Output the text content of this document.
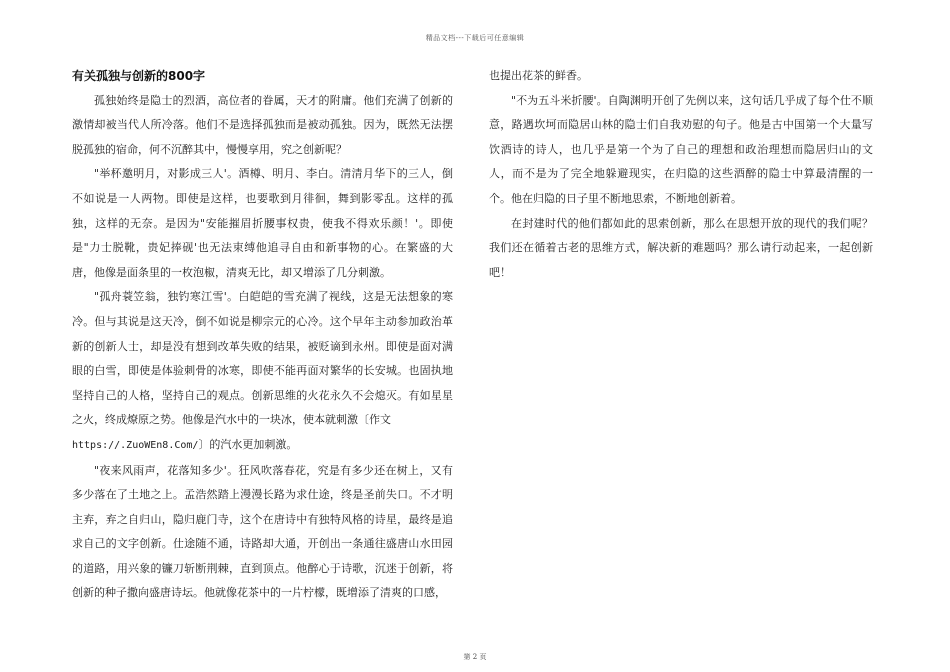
精品文档---下载后可任意编辑

有关孤独与创新的800字

孤独始终是隐士的烈酒，高位者的眷属，天才的附庸。他们充满了创新的激情却被当代人所冷落。他们不是选择孤独而是被动孤独。因为，既然无法摆脱孤独的宿命，何不沉醉其中，慢慢享用，究之创新呢？

"举杯邀明月，对影成三人'。酒樽、明月、李白。清清月华下的三人，倒不如说是一人两物。即使是这样，也要歌到月徘徊，舞到影零乱。这样的孤独，这样的无奈。是因为"安能摧眉折腰事权贵，使我不得欢乐颜！'。即使是"力士脱靴，贵妃捧砚'也无法束缚他追寻自由和新事物的心。在繁盛的大唐，他像是面条里的一枚泡椒，清爽无比，却又增添了几分刺激。

"孤舟蓑笠翁，独钓寒江雪'。白皑皑的雪充满了视线，这是无法想象的寒冷。但与其说是这天冷，倒不如说是柳宗元的心冷。这个早年主动参加政治革新的创新人士，却是没有想到改革失败的结果，被贬谪到永州。即使是面对满眼的白雪，即使是体验刺骨的冰寒，即使不能再面对繁华的长安城。也固执地坚持自己的人格，坚持自己的观点。创新思维的火花永久不会熄灭。有如星星之火，终成燎原之势。他像是汽水中的一块冰，使本就刺激〔作文

https://.ZuoWEn8.Com/〕的汽水更加刺激。

"夜来风雨声，花落知多少'。狂风吹落春花，究是有多少还在树上，又有多少落在了土地之上。孟浩然踏上漫漫长路为求仕途，终是圣前失口。不才明主弃，弃之自归山，隐归鹿门寺，这个在唐诗中有独特风格的诗星，最终是追求自己的文字创新。仕途随不通，诗路却大通，开创出一条通往盛唐山水田园的道路，用兴象的镰刀斩断荆棘，直到顶点。他醉心于诗歌，沉迷于创新，将创新的种子撒向盛唐诗坛。他就像花茶中的一片柠檬，既增添了清爽的口感，

也提出花茶的鲜香。

"不为五斗米折腰'。自陶渊明开创了先例以来，这句话几乎成了每个仕不顺意，路遇坎坷而隐居山林的隐士们自我劝慰的句子。他是古中国第一个大量写饮酒诗的诗人，也几乎是第一个为了自己的理想和政治理想而隐居归山的文人，而不是为了完全地躲避现实，在归隐的这些酒醉的隐士中算最清醒的一个。他在归隐的日子里不断地思索，不断地创新着。

在封建时代的他们都如此的思索创新，那么在思想开放的现代的我们呢？我们还在循着古老的思维方式，解决新的难题吗？那么请行动起来，一起创新吧！

第 2 页
